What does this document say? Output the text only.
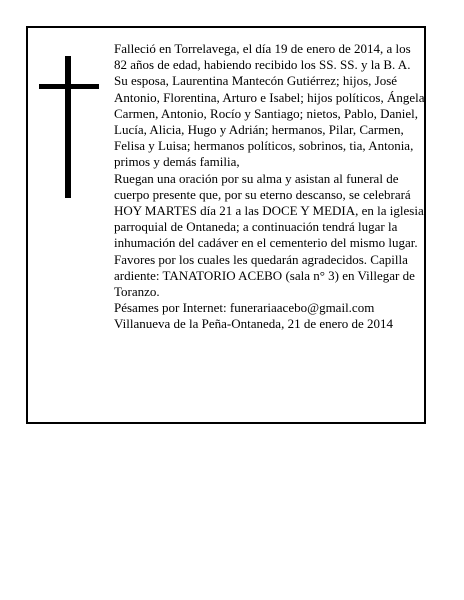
Falleció en Torrelavega, el día 19 de enero de 2014, a los 82 años de edad, habiendo recibido los SS. SS. y la B. A.

Su esposa, Laurentina Mantecón Gutiérrez; hijos, José Antonio, Florentina, Arturo e Isabel; hijos políticos, Ángela Carmen, Antonio, Rocío y Santiago; nietos, Pablo, Daniel, Lucía, Alicia, Hugo y Adrián; hermanos, Pilar, Carmen, Felisa y Luisa; hermanos políticos, sobrinos, tia, Antonia, primos y demás familia,

Ruegan una oración por su alma y asistan al funeral de cuerpo presente que, por su eterno descanso, se celebrará HOY MARTES día 21 a las DOCE Y MEDIA, en la iglesia parroquial de Ontaneda; a continuación tendrá lugar la inhumación del cadáver en el cementerio del mismo lugar. Favores por los cuales les quedarán agradecidos. Capilla ardiente: TANATORIO ACEBO (sala n° 3) en Villegar de Toranzo.

Pésames por Internet: funerariaacebo@gmail.com

Villanueva de la Peña-Ontaneda, 21 de enero de 2014
